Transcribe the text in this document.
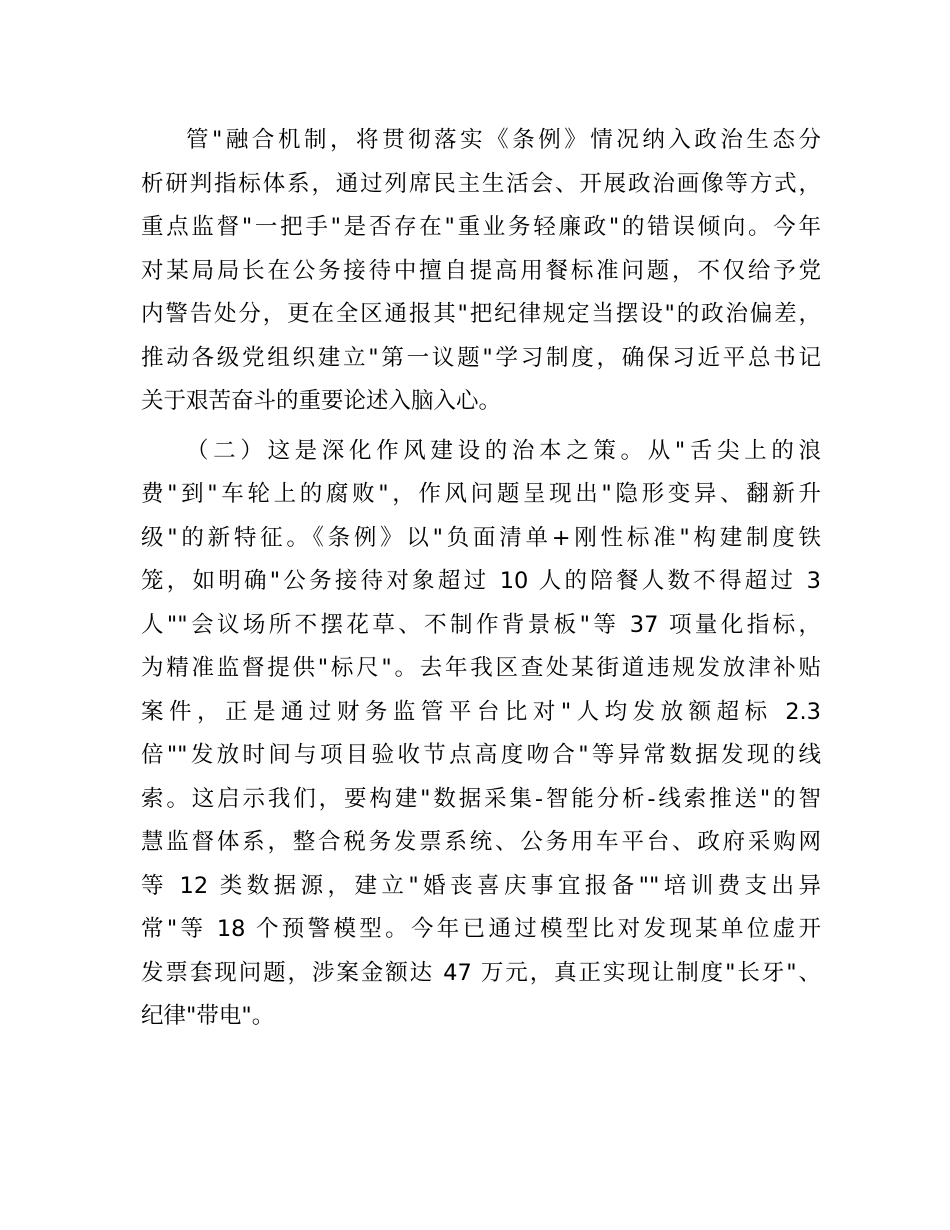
管"融合机制，将贯彻落实《条例》情况纳入政治生态分
析研判指标体系，通过列席民主生活会、开展政治画像等方式，
重点监督"一把手"是否存在"重业务轻廉政"的错误倾向。今年
对某局局长在公务接待中擅自提高用餐标准问题，不仅给予党
内警告处分，更在全区通报其"把纪律规定当摆设"的政治偏差，
推动各级党组织建立"第一议题"学习制度，确保习近平总书记
关于艰苦奋斗的重要论述入脑入心。
（二）这是深化作风建设的治本之策。从"舌尖上的浪
费"到"车轮上的腐败"，作风问题呈现出"隐形变异、翻新升
级"的新特征。《条例》以"负面清单+刚性标准"构建制度铁
笼，如明确"公务接待对象超过 10 人的陪餐人数不得超过 3
人""会议场所不摆花草、不制作背景板"等 37 项量化指标，
为精准监督提供"标尺"。去年我区查处某街道违规发放津补贴
案件，正是通过财务监管平台比对"人均发放额超标 2.3
倍""发放时间与项目验收节点高度吻合"等异常数据发现的线
索。这启示我们，要构建"数据采集-智能分析-线索推送"的智
慧监督体系，整合税务发票系统、公务用车平台、政府采购网
等 12 类数据源，建立"婚丧喜庆事宜报备""培训费支出异
常"等 18 个预警模型。今年已通过模型比对发现某单位虚开
发票套现问题，涉案金额达 47 万元，真正实现让制度"长牙"、
纪律"带电"。
